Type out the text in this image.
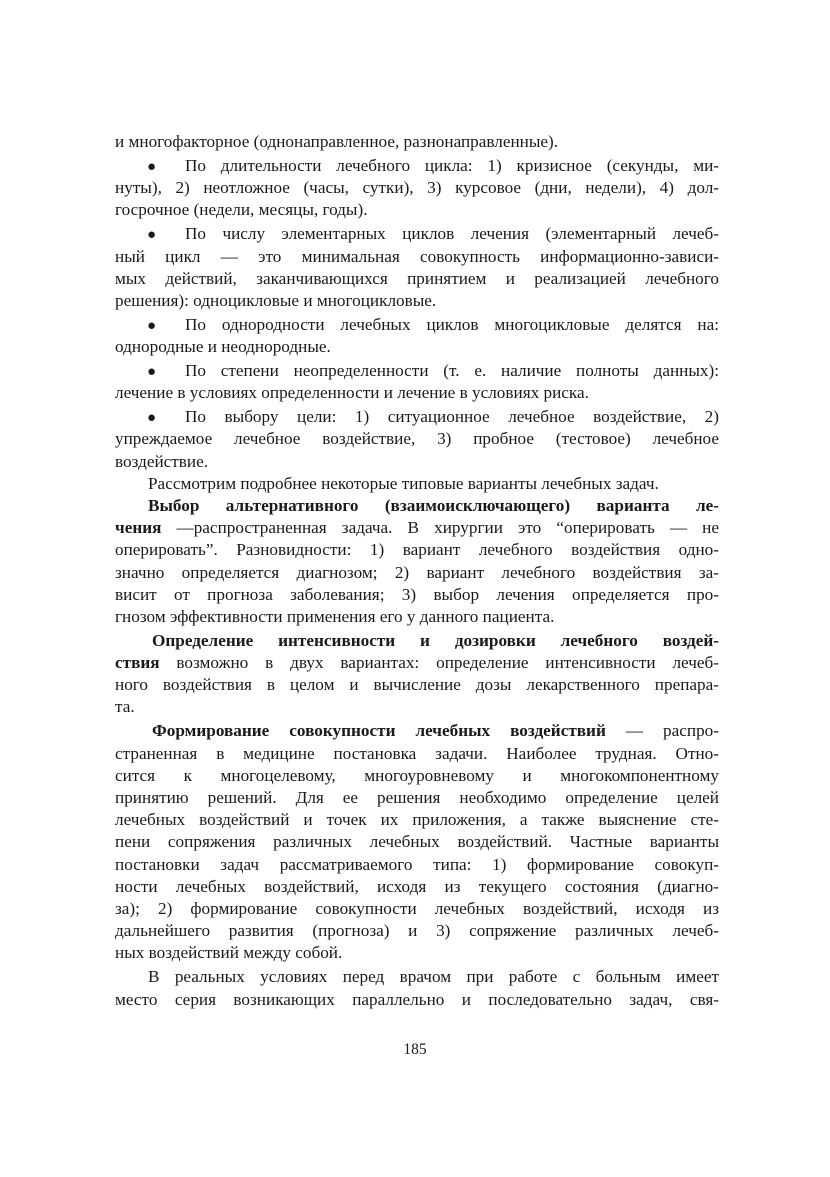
и многофакторное (однонаправленное, разнонаправленные).
● По длительности лечебного цикла: 1) кризисное (секунды, ми-
нуты), 2) неотложное (часы, сутки), 3) курсовое (дни, недели), 4) дол-
госрочное (недели, месяцы, годы).
● По числу элементарных циклов лечения (элементарный лечеб-
ный цикл — это минимальная совокупность информационно-зависи-
мых действий, заканчивающихся принятием и реализацией лечебного
решения): одноцикловые и многоцикловые.
● По однородности лечебных циклов многоцикловые делятся на:
однородные и неоднородные.
● По степени неопределенности (т. е. наличие полноты данных):
лечение в условиях определенности и лечение в условиях риска.
● По выбору цели: 1) ситуационное лечебное воздействие, 2)
упреждаемое лечебное воздействие, 3) пробное (тестовое) лечебное
воздействие.
Рассмотрим подробнее некоторые типовые варианты лечебных задач.
Выбор альтернативного (взаимоисключающего) варианта ле-
чения —распространенная задача. В хирургии это “оперировать — не
оперировать”. Разновидности: 1) вариант лечебного воздействия одно-
значно определяется диагнозом; 2) вариант лечебного воздействия за-
висит от прогноза заболевания; 3) выбор лечения определяется про-
гнозом эффективности применения его у данного пациента.
Определение интенсивности и дозировки лечебного воздей-
ствия возможно в двух вариантах: определение интенсивности лечеб-
ного воздействия в целом и вычисление дозы лекарственного препара-
та.
Формирование совокупности лечебных воздействий — распро-
страненная в медицине постановка задачи. Наиболее трудная. Отно-
сится к многоцелевому, многоуровневому и многокомпонентному
принятию решений. Для ее решения необходимо определение целей
лечебных воздействий и точек их приложения, а также выяснение сте-
пени сопряжения различных лечебных воздействий. Частные варианты
постановки задач рассматриваемого типа: 1) формирование совокуп-
ности лечебных воздействий, исходя из текущего состояния (диагно-
за); 2) формирование совокупности лечебных воздействий, исходя из
дальнейшего развития (прогноза) и 3) сопряжение различных лечеб-
ных воздействий между собой.
В реальных условиях перед врачом при работе с больным имеет
место серия возникающих параллельно и последовательно задач, свя-
185
